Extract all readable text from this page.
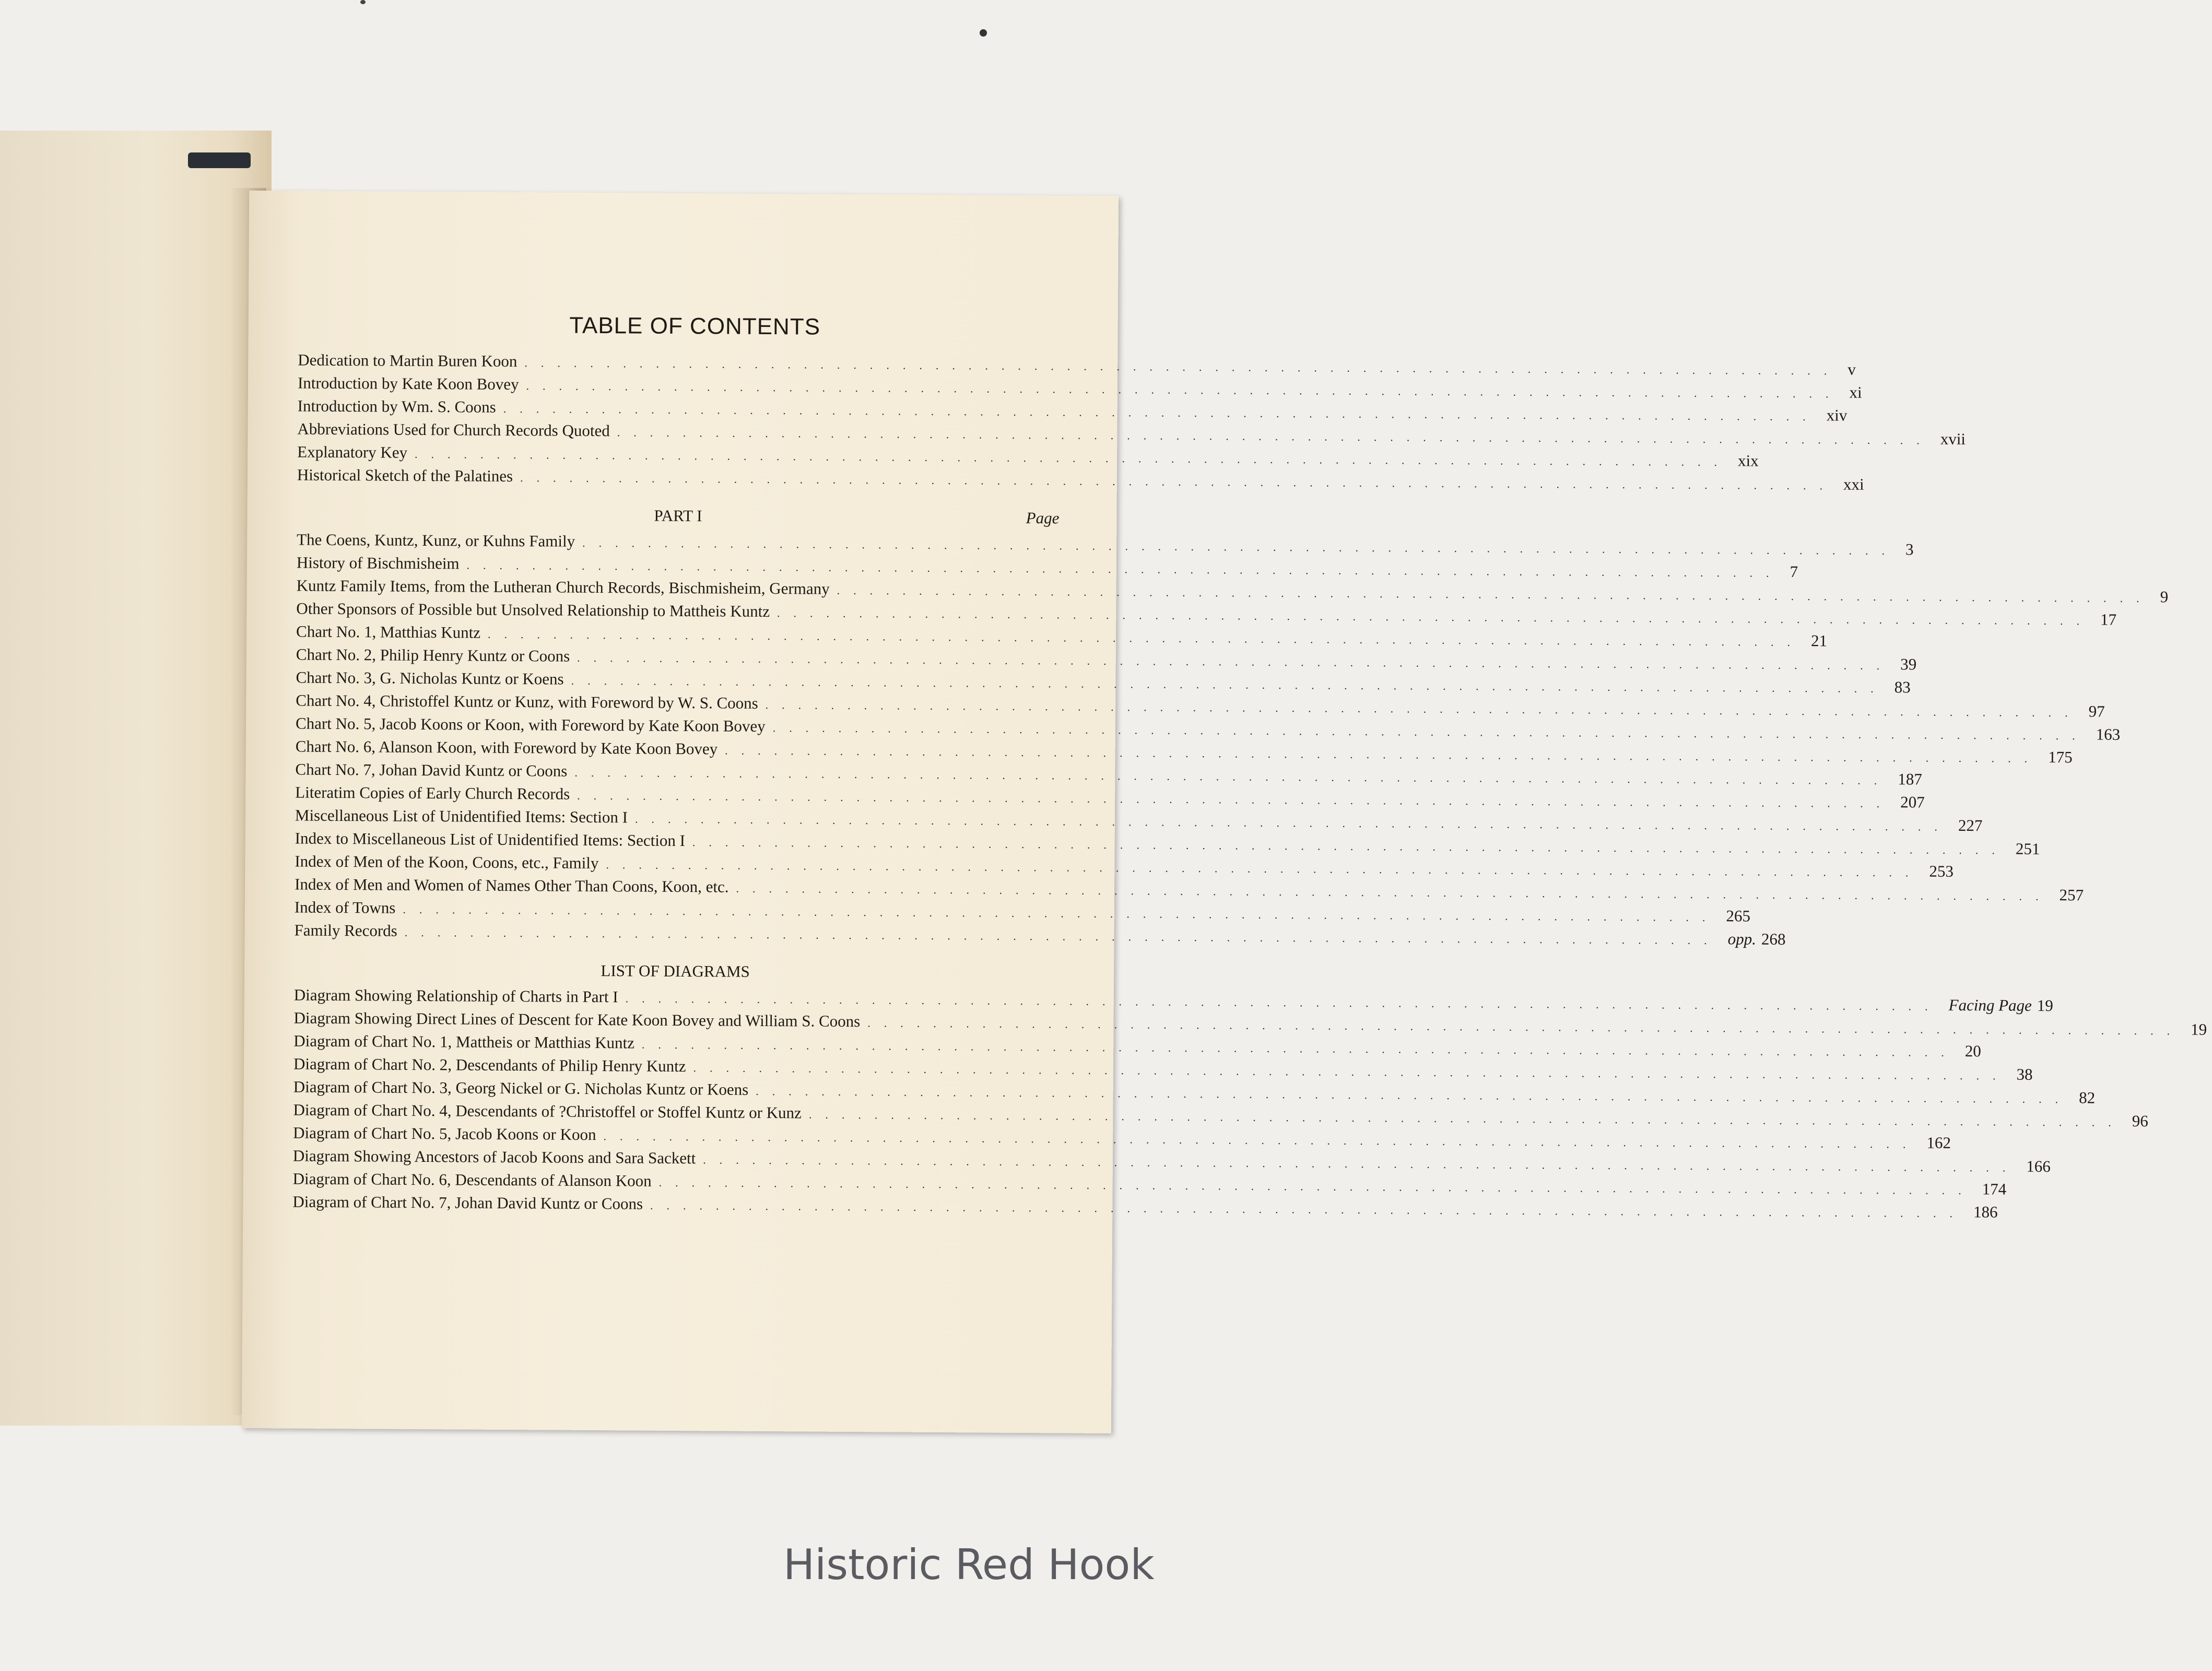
TABLE OF CONTENTS
Dedication to Martin Buren Koon ................................................................................ v
Introduction by Kate Koon Bovey ................................................................................ xi
Introduction by Wm. S. Coons ................................................................................ xiv
Abbreviations Used for Church Records Quoted ................................................................................ xvii
Explanatory Key ................................................................................ xix
Historical Sketch of the Palatines ................................................................................ xxi
PART I	Page
The Coens, Kuntz, Kunz, or Kuhns Family ................................................................................ 3
History of Bischmisheim ................................................................................ 7
Kuntz Family Items, from the Lutheran Church Records, Bischmisheim, Germany ................................................................................ 9
Other Sponsors of Possible but Unsolved Relationship to Mattheis Kuntz ................................................................................ 17
Chart No. 1, Matthias Kuntz ................................................................................ 21
Chart No. 2, Philip Henry Kuntz or Coons ................................................................................ 39
Chart No. 3, G. Nicholas Kuntz or Koens ................................................................................ 83
Chart No. 4, Christoffel Kuntz or Kunz, with Foreword by W. S. Coons ................................................................................ 97
Chart No. 5, Jacob Koons or Koon, with Foreword by Kate Koon Bovey ................................................................................ 163
Chart No. 6, Alanson Koon, with Foreword by Kate Koon Bovey ................................................................................ 175
Chart No. 7, Johan David Kuntz or Coons ................................................................................ 187
Literatim Copies of Early Church Records ................................................................................ 207
Miscellaneous List of Unidentified Items: Section I ................................................................................ 227
Index to Miscellaneous List of Unidentified Items: Section I ................................................................................ 251
Index of Men of the Koon, Coons, etc., Family ................................................................................ 253
Index of Men and Women of Names Other Than Coons, Koon, etc. ................................................................................ 257
Index of Towns ................................................................................ 265
Family Records ................................................................................ opp. 268
LIST OF DIAGRAMS
Diagram Showing Relationship of Charts in Part I ................................................................................ Facing Page 19
Diagram Showing Direct Lines of Descent for Kate Koon Bovey and William S. Coons ................................................................................ 19
Diagram of Chart No. 1, Mattheis or Matthias Kuntz ................................................................................ 20
Diagram of Chart No. 2, Descendants of Philip Henry Kuntz ................................................................................ 38
Diagram of Chart No. 3, Georg Nickel or G. Nicholas Kuntz or Koens ................................................................................ 82
Diagram of Chart No. 4, Descendants of ?Christoffel or Stoffel Kuntz or Kunz ................................................................................ 96
Diagram of Chart No. 5, Jacob Koons or Koon ................................................................................ 162
Diagram Showing Ancestors of Jacob Koons and Sara Sackett ................................................................................ 166
Diagram of Chart No. 6, Descendants of Alanson Koon ................................................................................ 174
Diagram of Chart No. 7, Johan David Kuntz or Coons ................................................................................ 186
Historic Red Hook
